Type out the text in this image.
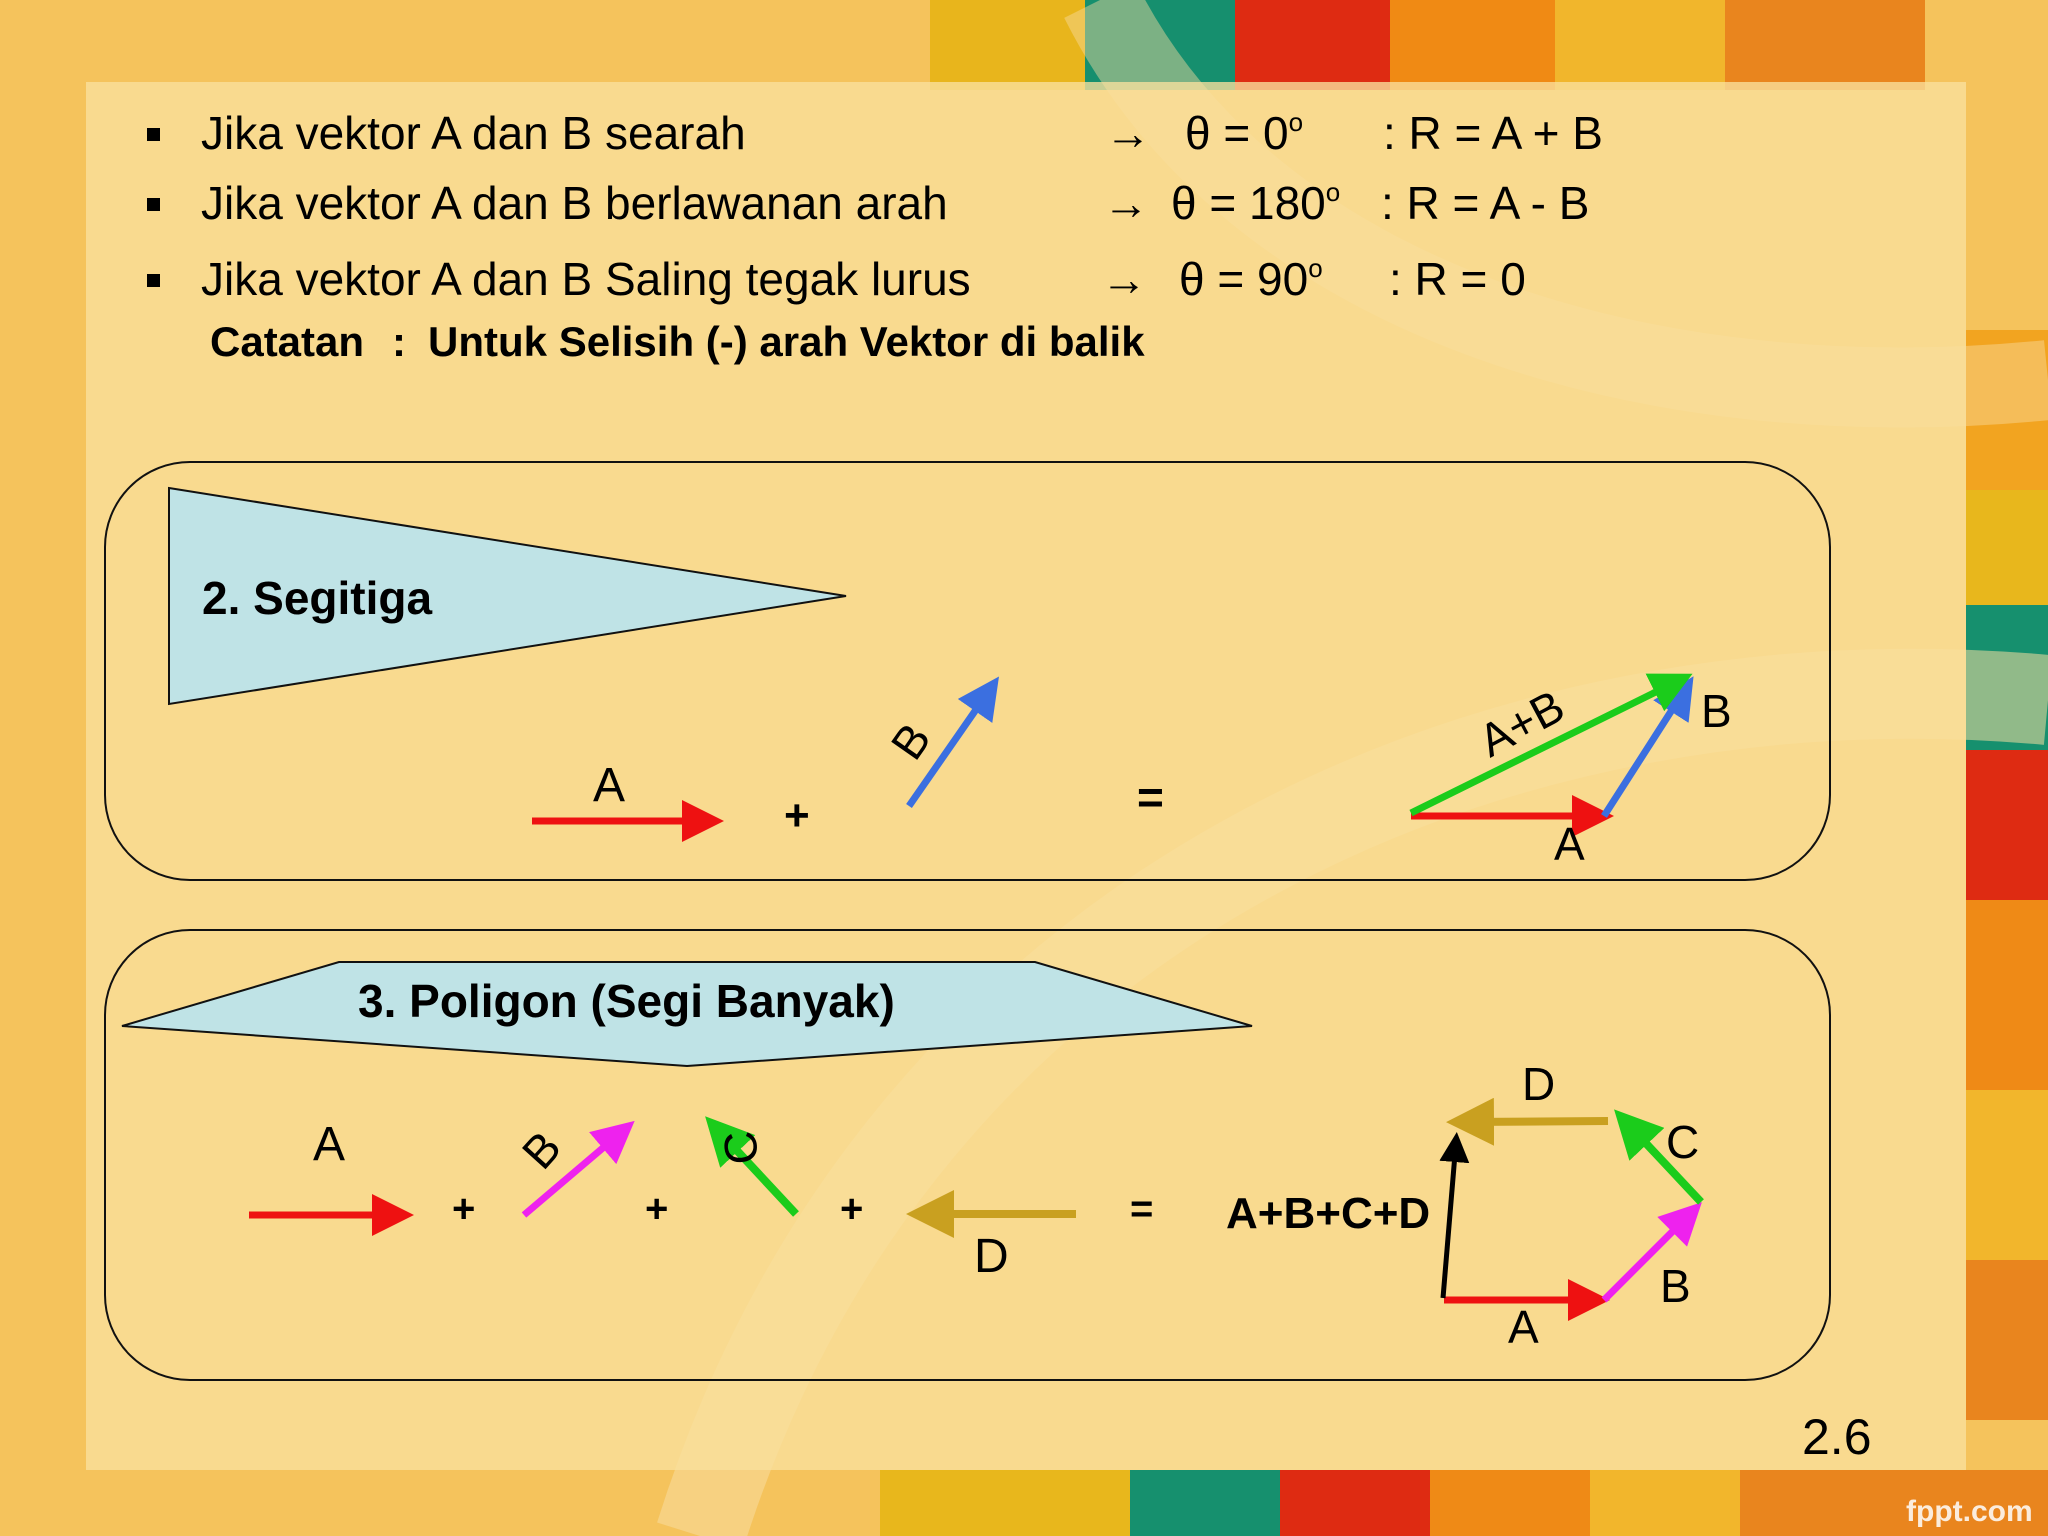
Jika vektor A dan B searah	→ $\theta = 0^o$ : R = A + B
Jika vektor A dan B berlawanan arah	→ $\theta = 180^o$ : R = A - B
Jika vektor A dan B Saling tegak lurus	→ $\theta = 90^o$ : R = 0
Catatan : Untuk Selisih (-) arah Vektor di balik
2. Segitiga
A
+
B
=
A+B	B
A
3. Poligon (Segi Banyak)
A
+
B
+
C
+
D
= A+B+C+D
D
C
B
A
2.6
fppt.com
